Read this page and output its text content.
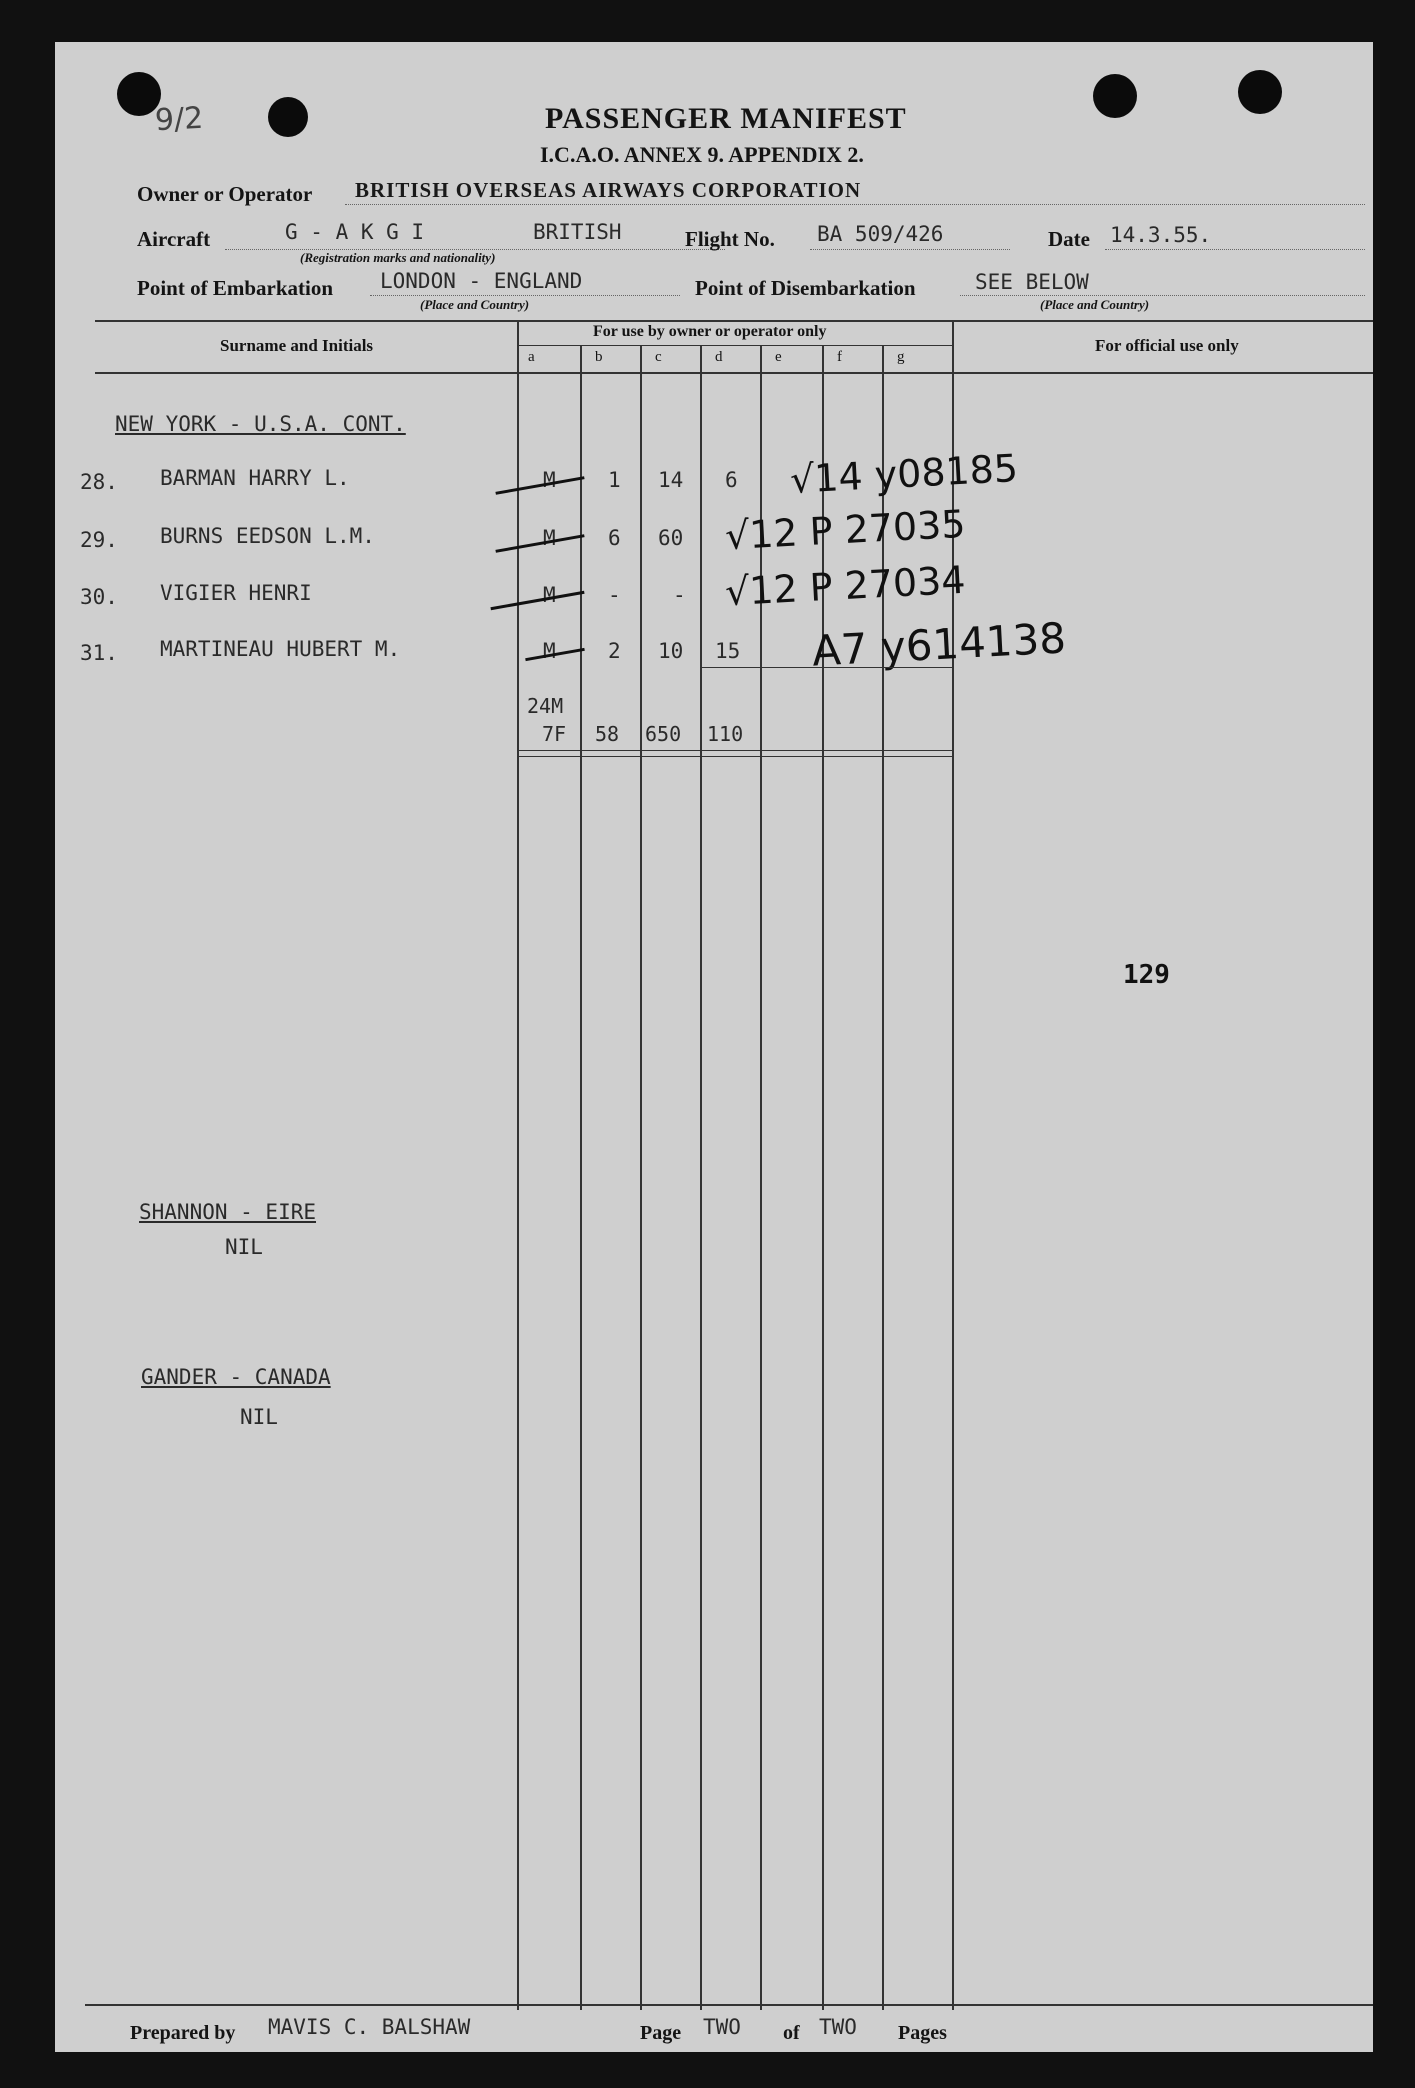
9/2	PASSENGER MANIFEST
I.C.A.O. ANNEX 9. APPENDIX 2.
Owner or Operator BRITISH OVERSEAS AIRWAYS CORPORATION
Aircraft	G - A K G I	BRITISH
(Registration marks and nationality)
Flight No. BA 509/426	Date 14.3.55.
Point of Embarkation LONDON - ENGLAND
(Place and Country)
Point of Disembarkation	SEE BELOW
(Place and Country)
Surname and Initials
For use by owner or operator only
For official use only
a	b	c	d	e	f	g
NEW YORK - U.S.A. CONT.
28. BARMAN HARRY L.	M 1 14 6 √14 y08185
29. BURNS EEDSON L.M.	M 6 60 √12 P 27035
30. VIGIER HENRI	M - - √12 P 27034
31. MARTINEAU HUBERT M.	M 2 10 15 A7 y614138
24M
7F 58 650 110
129
SHANNON - EIRE
NIL
GANDER - CANADA
NIL
Prepared by MAVIS C. BALSHAW	Page TWO of TWO Pages
